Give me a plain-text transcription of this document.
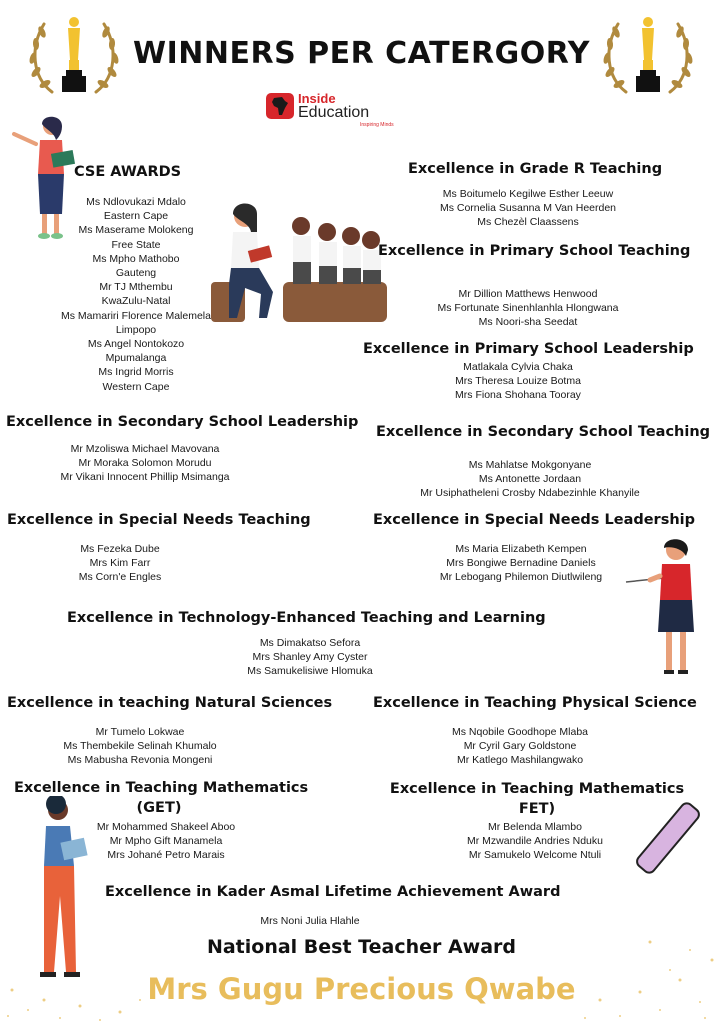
WINNERS PER CATERGORY
Inside
Education
Inspiring Minds
CSE AWARDS
Ms Ndlovukazi Mdalo
Eastern Cape
Ms Maserame Molokeng
Free State
Ms Mpho Mathobo
Gauteng
Mr TJ Mthembu
KwaZulu-Natal
Ms Mamariri Florence Malemela
Limpopo
Ms Angel Nontokozo
Mpumalanga
Ms Ingrid Morris
Western Cape
Excellence in Grade R Teaching
Ms Boitumelo Kegilwe Esther Leeuw
Ms Cornelia Susanna M Van Heerden
Ms Chezèl Claassens
Excellence in Primary School Teaching
Mr Dillion Matthews Henwood
Ms Fortunate Sinenhlanhla Hlongwana
Ms Noori-sha Seedat
Excellence in Primary School Leadership
Matlakala Cylvia Chaka
Mrs Theresa Louize Botma
Mrs Fiona Shohana Tooray
Excellence in Secondary School Leadership
Mr Mzoliswa Michael Mavovana
Mr Moraka Solomon Morudu
Mr Vikani Innocent Phillip Msimanga
Excellence in Secondary School Teaching
Ms Mahlatse Mokgonyane
Ms Antonette Jordaan
Mr Usiphatheleni Crosby Ndabezinhle Khanyile
Excellence in Special Needs Teaching
Ms Fezeka Dube
Mrs Kim Farr
Ms Corn'e Engles
Excellence in Special Needs Leadership
Ms Maria Elizabeth Kempen
Mrs Bongiwe Bernadine Daniels
Mr Lebogang Philemon Diutlwileng
Excellence in Technology-Enhanced Teaching and Learning
Ms Dimakatso Sefora
Mrs Shanley Amy Cyster
Ms Samukelisiwe Hlomuka
Excellence in teaching Natural Sciences
Mr Tumelo Lokwae
Ms Thembekile Selinah Khumalo
Ms Mabusha Revonia Mongeni
Excellence in Teaching Physical Science
Ms Nqobile Goodhope Mlaba
Mr Cyril Gary Goldstone
Mr Katlego Mashilangwako
Excellence in Teaching Mathematics
(GET)
Mr Mohammed Shakeel Aboo
Mr Mpho Gift Manamela
Mrs Johané Petro Marais
Excellence in Teaching Mathematics
FET)
Mr Belenda Mlambo
Mr Mzwandile Andries Nduku
Mr Samukelo Welcome Ntuli
Excellence in Kader Asmal Lifetime Achievement Award
Mrs Noni Julia Hlahle
National Best Teacher Award
Mrs Gugu Precious Qwabe
